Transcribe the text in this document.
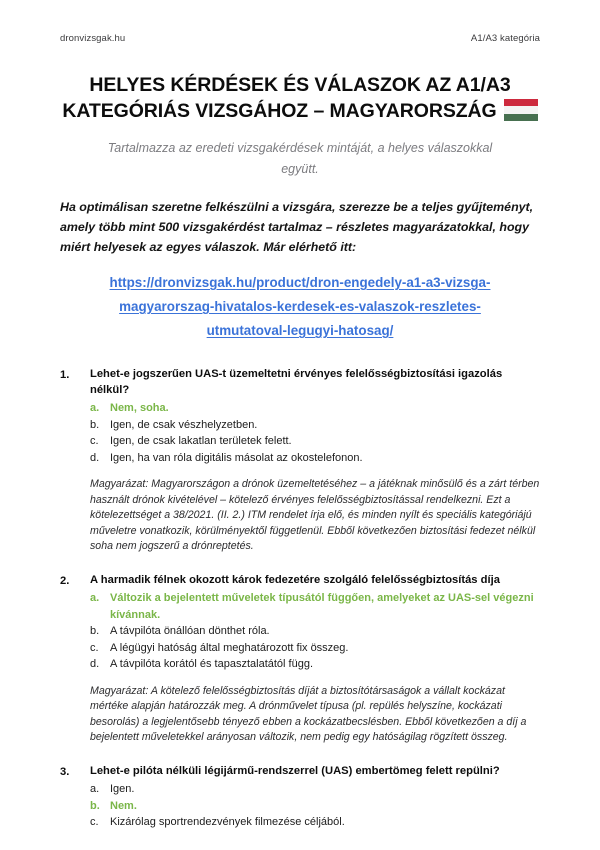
dronvizsgak.hu	A1/A3 kategória
HELYES KÉRDÉSEK ÉS VÁLASZOK AZ A1/A3
KATEGÓRIÁS VIZSGÁHOZ – MAGYARORSZÁG

Tartalmazza az eredeti vizsgakérdések mintáját, a helyes válaszokkal együtt.

Ha optimálisan szeretne felkészülni a vizsgára, szerezze be a teljes gyűjteményt, amely több mint 500 vizsgakérdést tartalmaz – részletes magyarázatokkal, hogy miért helyesek az egyes válaszok. Már elérhető itt:

https://dronvizsgak.hu/product/dron-engedely-a1-a3-vizsga-magyarorszag-hivatalos-kerdesek-es-valaszok-reszletes-utmutatoval-legugyi-hatosag/
1.	Lehet-e jogszerűen UAS-t üzemeltetni érvényes felelősségbiztosítási igazolás nélkül?

a. Nem, soha.
b. Igen, de csak vészhelyzetben.
c.	Igen, de csak lakatlan területek felett.
d. Igen, ha van róla digitális másolat az okostelefonon.

Magyarázat: Magyarországon a drónok üzemeltetéséhez – a játéknak minősülő és a zárt térben használt drónok kivételével – kötelező érvényes felelősségbiztosítással rendelkezni. Ezt a kötelezettséget a 38/2021. (II. 2.) ITM rendelet írja elő, és minden nyílt és speciális kategóriájú műveletre vonatkozik, körülményektől függetlenül. Ebből következően biztosítási fedezet nélkül soha nem jogszerű a drónreptetés.

2.	A harmadik félnek okozott károk fedezetére szolgáló felelősségbiztosítás díja

a. Változik a bejelentett műveletek típusától függően, amelyeket az UAS-sel végezni kívánnak.
b. A távpilóta önállóan dönthet róla.
c.	A légügyi hatóság által meghatározott fix összeg.
d. A távpilóta korától és tapasztalatától függ.

Magyarázat: A kötelező felelősségbiztosítás díját a biztosítótársaságok a vállalt kockázat mértéke alapján határozzák meg. A drónművelet típusa (pl. repülés helyszíne, kockázati besorolás) a legjelentősebb tényező ebben a kockázatbecslésben. Ebből következően a díj a bejelentett műveletekkel arányosan változik, nem pedig egy hatóságilag rögzített összeg.

3.	Lehet-e pilóta nélküli légijármű-rendszerrel (UAS) embertömeg felett repülni?

a. Igen.
b. Nem.
c.	Kizárólag sportrendezvények filmezése céljából.
